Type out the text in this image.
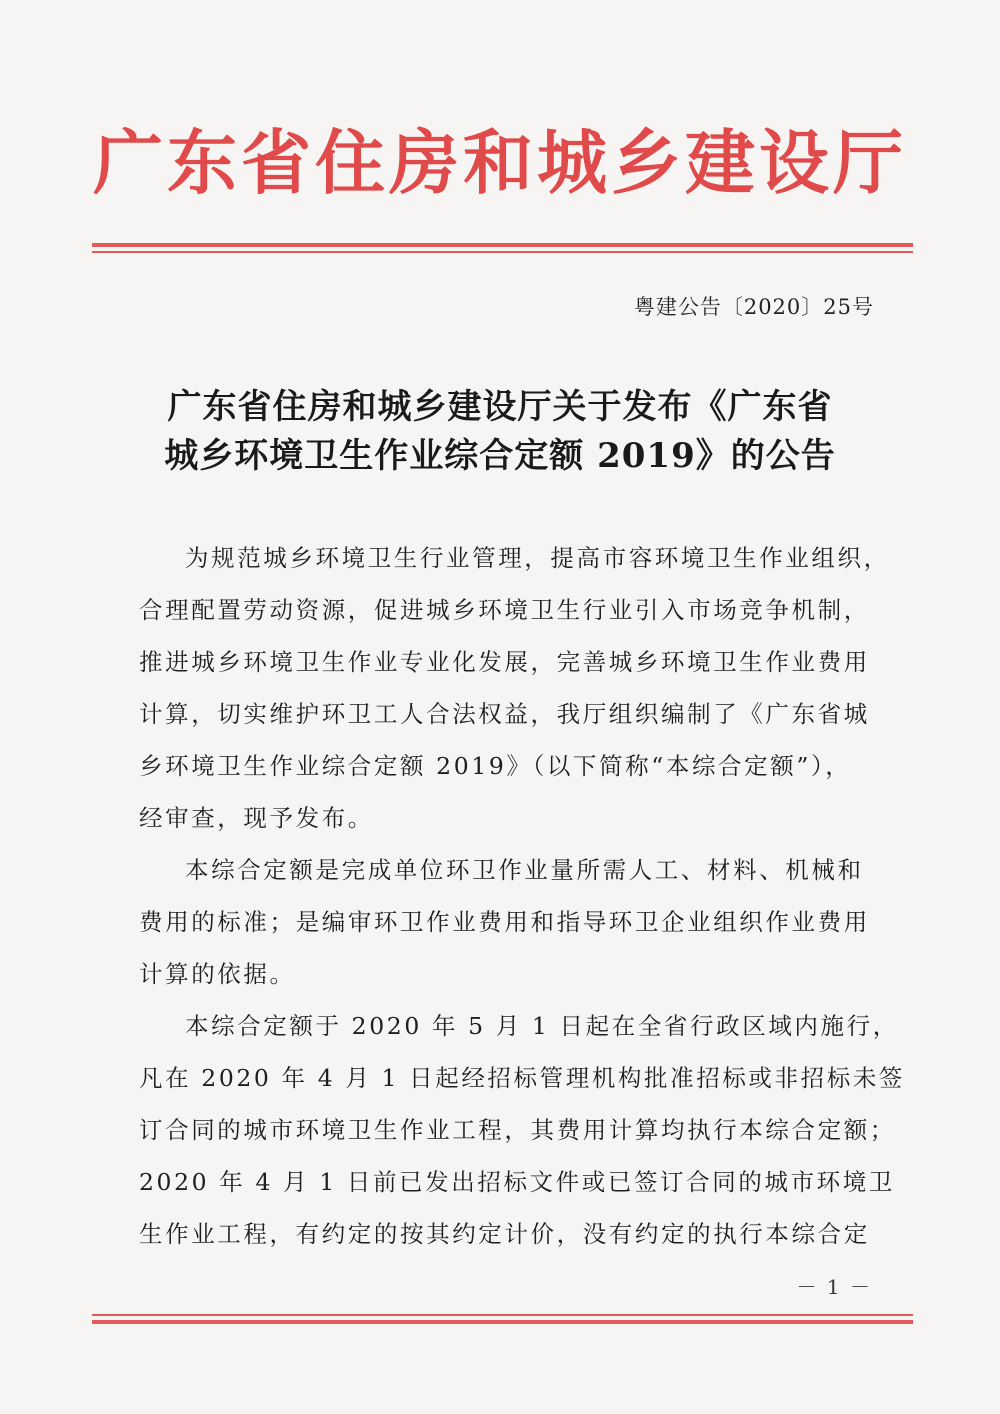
广东省住房和城乡建设厅
粤建公告〔2020〕25号
广东省住房和城乡建设厅关于发布《广东省
城乡环境卫生作业综合定额 2019》的公告
为规范城乡环境卫生行业管理，提高市容环境卫生作业组织，
合理配置劳动资源，促进城乡环境卫生行业引入市场竞争机制，
推进城乡环境卫生作业专业化发展，完善城乡环境卫生作业费用
计算，切实维护环卫工人合法权益，我厅组织编制了《广东省城
乡环境卫生作业综合定额 2019》（以下简称“本综合定额”），
经审查，现予发布。
本综合定额是完成单位环卫作业量所需人工、材料、机械和
费用的标准；是编审环卫作业费用和指导环卫企业组织作业费用
计算的依据。
本综合定额于 2020 年 5 月 1 日起在全省行政区域内施行，
凡在 2020 年 4 月 1 日起经招标管理机构批准招标或非招标未签
订合同的城市环境卫生作业工程，其费用计算均执行本综合定额；
2020 年 4 月 1 日前已发出招标文件或已签订合同的城市环境卫
生作业工程，有约定的按其约定计价，没有约定的执行本综合定
－ 1 －
